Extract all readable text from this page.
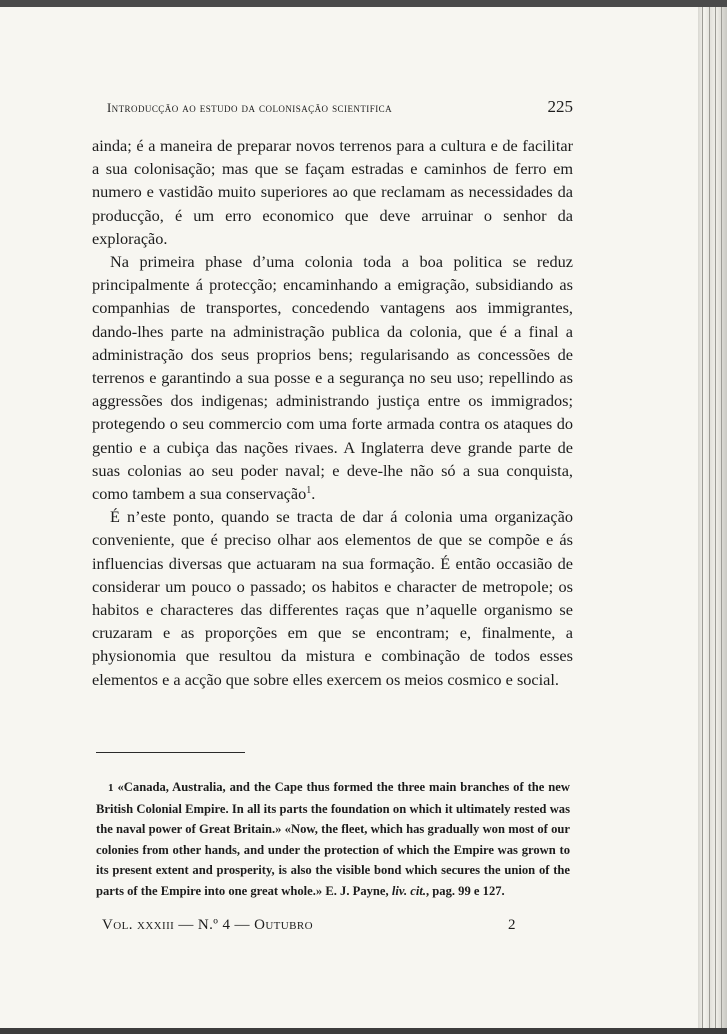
Introducção ao estudo da colonisação scientifica	225

ainda; é a maneira de preparar novos terrenos para a cultura e de facilitar a sua colonisação; mas que se façam estradas e caminhos de ferro em numero e vastidão muito superiores ao que reclamam as necessidades da producção, é um erro economico que deve arruinar o senhor da exploração.

Na primeira phase d’uma colonia toda a boa politica se reduz principalmente á protecção; encaminhando a emigração, subsidiando as companhias de transportes, concedendo vantagens aos immigrantes, dando-lhes parte na administração publica da colonia, que é a final a administração dos seus proprios bens; regularisando as concessões de terrenos e garantindo a sua posse e a segurança no seu uso; repellindo as aggressões dos indigenas; administrando justiça entre os immigrados; protegendo o seu commercio com uma forte armada contra os ataques do gentio e a cubiça das nações rivaes. A Inglaterra deve grande parte de suas colonias ao seu poder naval; e deve-lhe não só a sua conquista, como tambem a sua conservação$^1$.

É n’este ponto, quando se tracta de dar á colonia uma organização conveniente, que é preciso olhar aos elementos de que se compõe e ás influencias diversas que actuaram na sua formação. É então occasião de considerar um pouco o passado; os habitos e character de metropole; os habitos e characteres das differentes raças que n’aquelle organismo se cruzaram e as proporções em que se encontram; e, finalmente, a physionomia que resultou da mistura e combinação de todos esses elementos e a acção que sobre elles exercem os meios cosmico e social.

1 «Canada, Australia, and the Cape thus formed the three main branches of the new British Colonial Empire. In all its parts the foundation on which it ultimately rested was the naval power of Great Britain.» «Now, the fleet, which has gradually won most of our colonies from other hands, and under the protection of which the Empire was grown to its present extent and prosperity, is also the visible bond which secures the union of the parts of the Empire into one great whole.» E. J. Payne, liv. cit., pag. 99 e 127.

Vol. xxxiii — N.º 4 — Outubro	2
